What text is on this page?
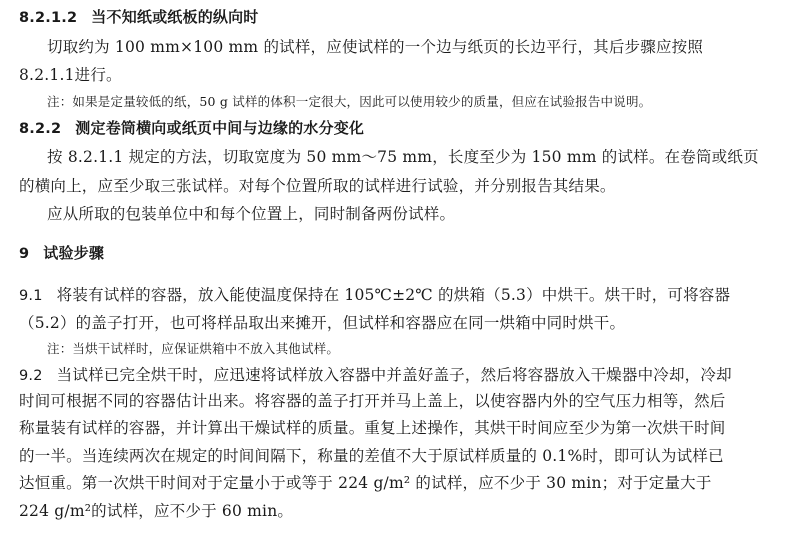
8.2.1.2 当不知纸或纸板的纵向时
切取约为 100 mm×100 mm 的试样，应使试样的一个边与纸页的长边平行，其后步骤应按照
8.2.1.1进行。
注：如果是定量较低的纸，50 g 试样的体积一定很大，因此可以使用较少的质量，但应在试验报告中说明。
8.2.2 测定卷筒横向或纸页中间与边缘的水分变化
按 8.2.1.1 规定的方法，切取宽度为 50 mm～75 mm，长度至少为 150 mm 的试样。在卷筒或纸页
的横向上，应至少取三张试样。对每个位置所取的试样进行试验，并分别报告其结果。
应从所取的包装单位中和每个位置上，同时制备两份试样。
9 试验步骤
9.1 将装有试样的容器，放入能使温度保持在 105℃±2℃ 的烘箱（5.3）中烘干。烘干时，可将容器
（5.2）的盖子打开，也可将样品取出来摊开，但试样和容器应在同一烘箱中同时烘干。
注：当烘干试样时，应保证烘箱中不放入其他试样。
9.2 当试样已完全烘干时，应迅速将试样放入容器中并盖好盖子，然后将容器放入干燥器中冷却，冷却
时间可根据不同的容器估计出来。将容器的盖子打开并马上盖上，以使容器内外的空气压力相等，然后
称量装有试样的容器，并计算出干燥试样的质量。重复上述操作，其烘干时间应至少为第一次烘干时间
的一半。当连续两次在规定的时间间隔下，称量的差值不大于原试样质量的 0.1%时，即可认为试样已
达恒重。第一次烘干时间对于定量小于或等于 224 g/m² 的试样，应不少于 30 min；对于定量大于
224 g/m²的试样，应不少于 60 min。
